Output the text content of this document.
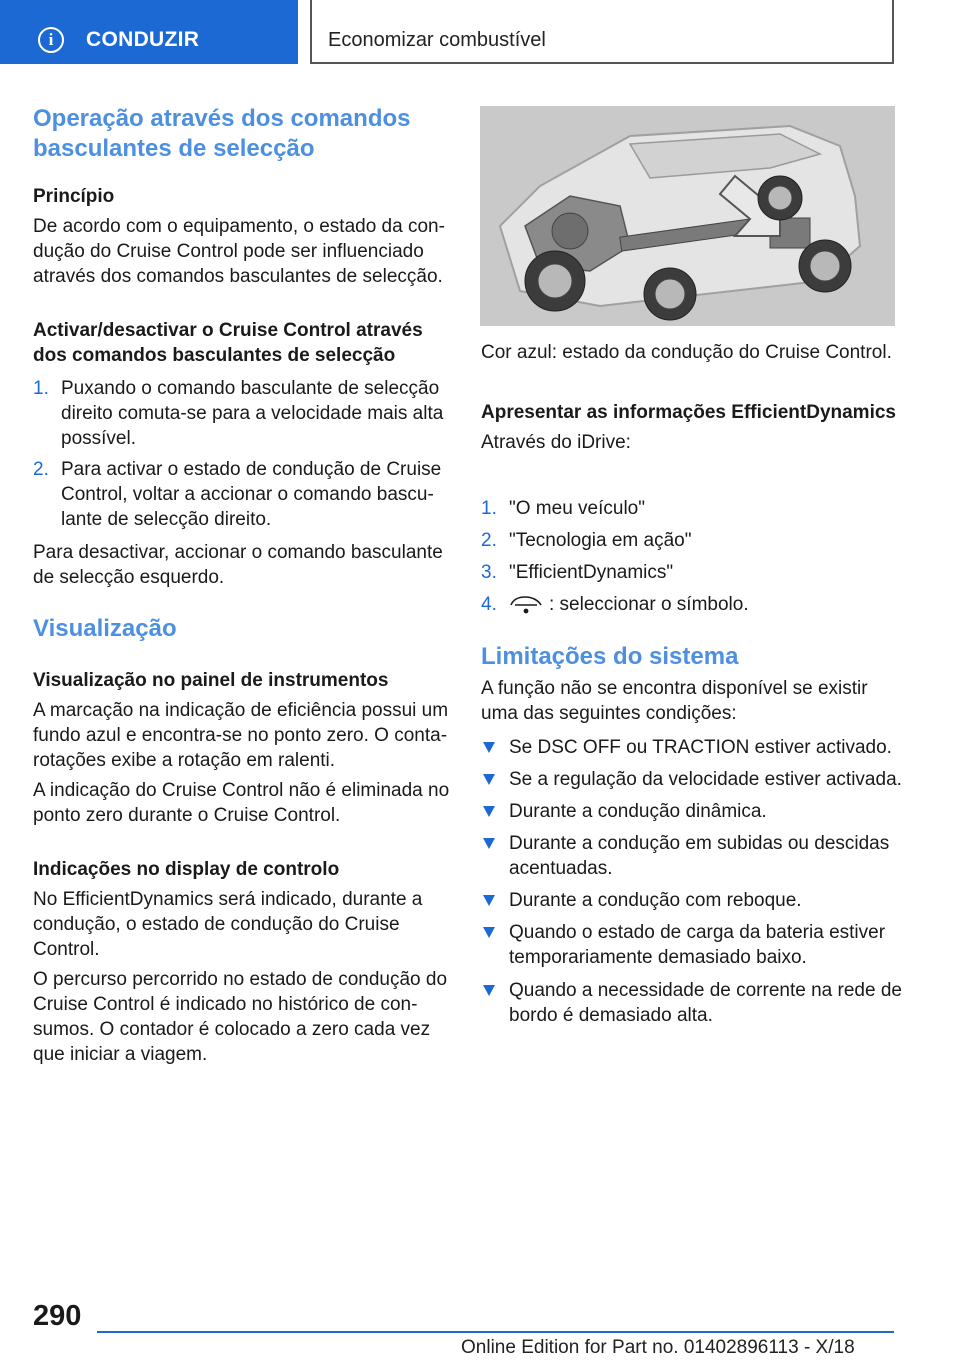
i	CONDUZIR	Economizar combustível
Operação através dos comandos basculantes de selecção
Princípio

De acordo com o equipamento, o estado da con-dução do Cruise Control pode ser influenciado através dos comandos basculantes de selecção.

Activar/desactivar o Cruise Control através dos comandos basculantes de selecção
1. Puxando o comando basculante de selecção direito comuta-se para a velocidade mais alta possível.
2. Para activar o estado de condução de Cruise Control, voltar a accionar o comando bascu-lante de selecção direito.

Para desactivar, accionar o comando basculante de selecção esquerdo.

Visualização
Visualização no painel de instrumentos

A marcação na indicação de eficiência possui um fundo azul e encontra-se no ponto zero. O conta-rotações exibe a rotação em ralenti.

A indicação do Cruise Control não é eliminada no ponto zero durante o Cruise Control.

Indicações no display de controlo

No EfficientDynamics será indicado, durante a condução, o estado de condução do Cruise Control.

O percurso percorrido no estado de condução do Cruise Control é indicado no histórico de con-sumos. O contador é colocado a zero cada vez que iniciar a viagem.

Cor azul: estado da condução do Cruise Control.

Apresentar as informações EfficientDynamics

Através do iDrive:

1. "O meu veículo"
2. "Tecnologia em ação"
3. "EfficientDynamics"
4.	: seleccionar o símbolo.
Limitações do sistema

A função não se encontra disponível se existir uma das seguintes condições:

Se DSC OFF ou TRACTION estiver activado.
Se a regulação da velocidade estiver activada.
Durante a condução dinâmica.
Durante a condução em subidas ou descidas acentuadas.
Durante a condução com reboque.
Quando o estado de carga da bateria estiver temporariamente demasiado baixo.
Quando a necessidade de corrente na rede de bordo é demasiado alta.
290
Online Edition for Part no. 01402896113 - X/18
